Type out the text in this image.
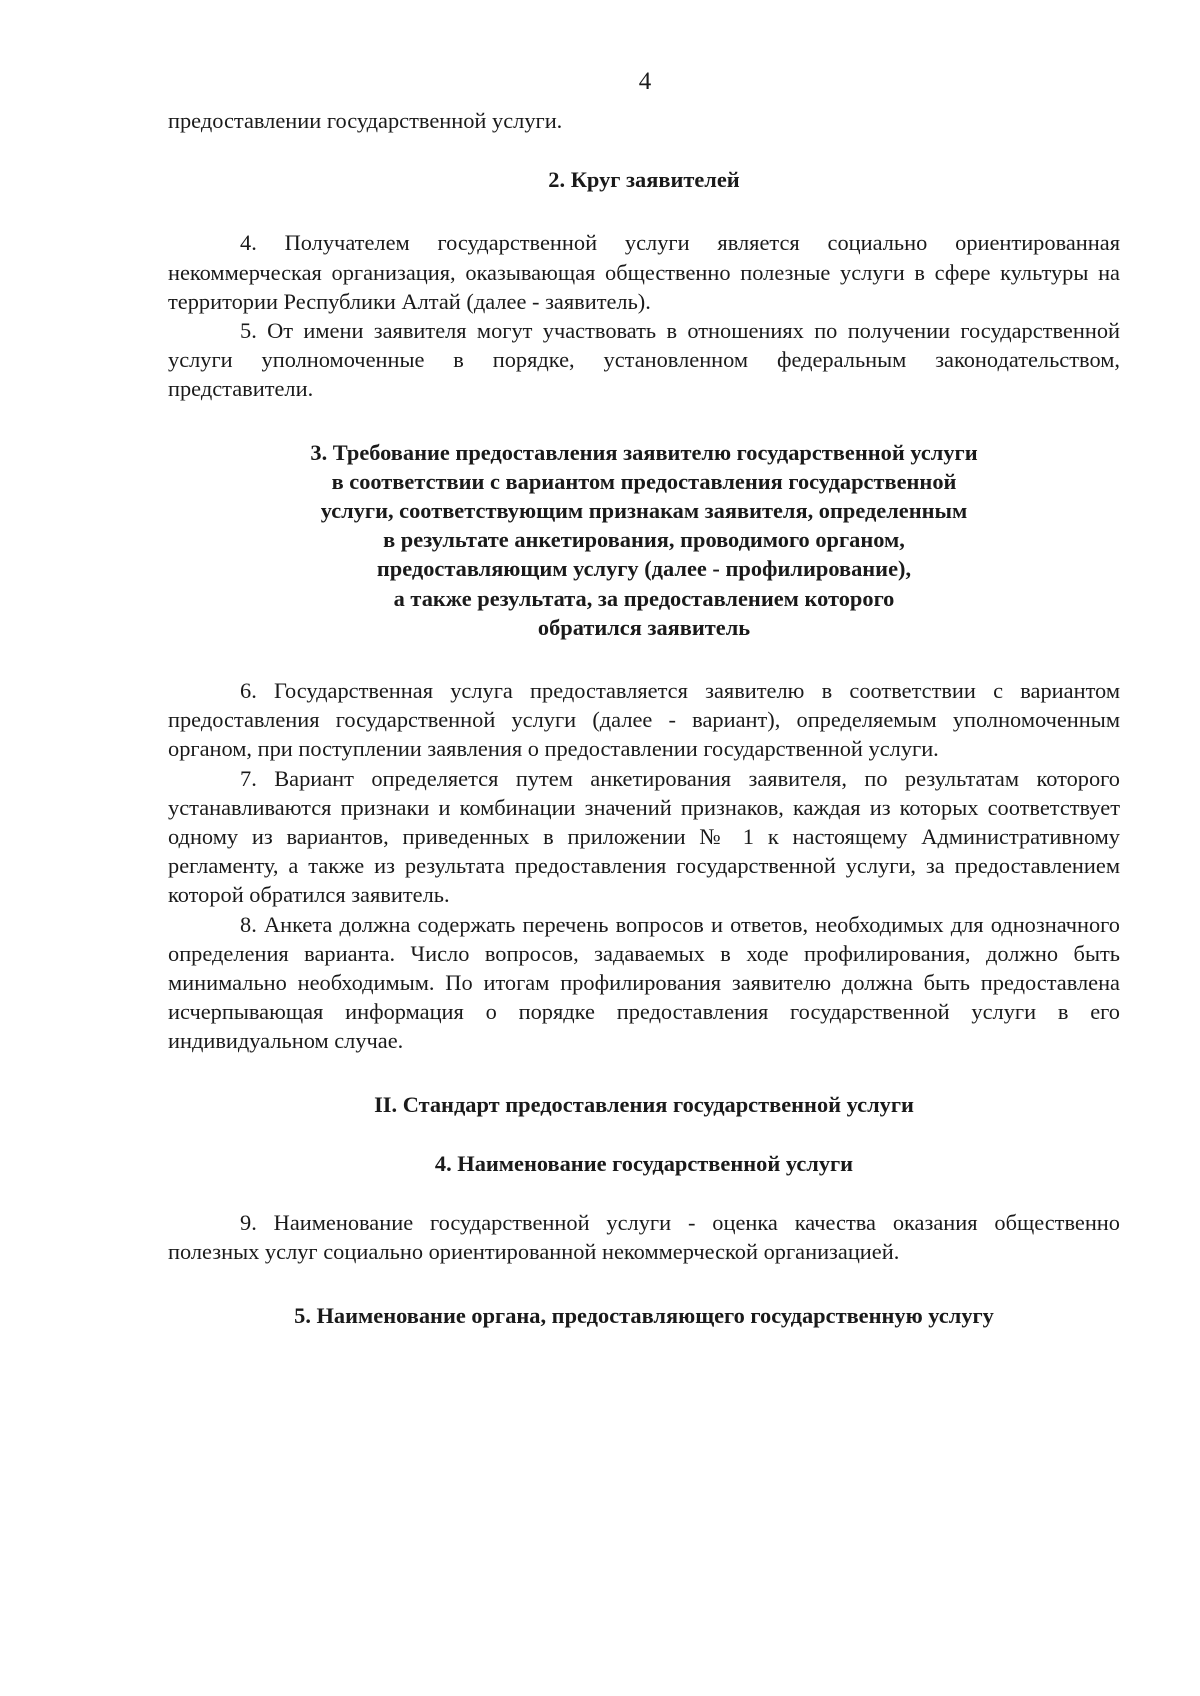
4

предоставлении государственной услуги.

2. Круг заявителей

4. Получателем государственной услуги является социально ориентированная некоммерческая организация, оказывающая общественно полезные услуги в сфере культуры на территории Республики Алтай (далее - заявитель).

5. От имени заявителя могут участвовать в отношениях по получении государственной услуги уполномоченные в порядке, установленном федеральным законодательством, представители.

3. Требование предоставления заявителю государственной услуги
в соответствии с вариантом предоставления государственной
услуги, соответствующим признакам заявителя, определенным
в результате анкетирования, проводимого органом,
предоставляющим услугу (далее - профилирование),
а также результата, за предоставлением которого
обратился заявитель

6. Государственная услуга предоставляется заявителю в соответствии с вариантом предоставления государственной услуги (далее - вариант), определяемым уполномоченным органом, при поступлении заявления о предоставлении государственной услуги.

7. Вариант определяется путем анкетирования заявителя, по результатам которого устанавливаются признаки и комбинации значений признаков, каждая из которых соответствует одному из вариантов, приведенных в приложении № 1 к настоящему Административному регламенту, а также из результата предоставления государственной услуги, за предоставлением которой обратился заявитель.

8. Анкета должна содержать перечень вопросов и ответов, необходимых для однозначного определения варианта. Число вопросов, задаваемых в ходе профилирования, должно быть минимально необходимым. По итогам профилирования заявителю должна быть предоставлена исчерпывающая информация о порядке предоставления государственной услуги в его индивидуальном случае.

II. Стандарт предоставления государственной услуги
4. Наименование государственной услуги

9. Наименование государственной услуги - оценка качества оказания общественно полезных услуг социально ориентированной некоммерческой организацией.

5. Наименование органа, предоставляющего государственную услугу
